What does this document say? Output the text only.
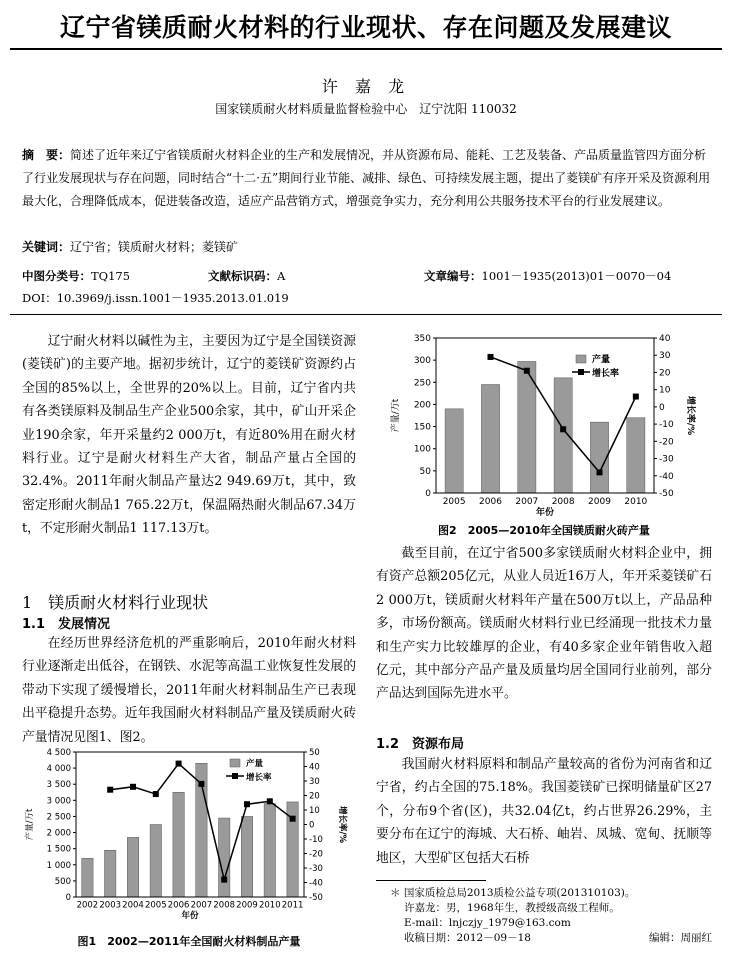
辽宁省镁质耐火材料的行业现状、存在问题及发展建议
许 嘉 龙
国家镁质耐火材料质量监督检验中心　辽宁沈阳 110032
摘　要：简述了近年来辽宁省镁质耐火材料企业的生产和发展情况，并从资源布局、能耗、工艺及装备、产品质量监管四方面分析了行业发展现状与存在问题，同时结合“十二·五”期间行业节能、减排、绿色、可持续发展主题，提出了菱镁矿有序开采及资源利用最大化，合理降低成本，促进装备改造，适应产品营销方式，增强竞争实力，充分利用公共服务技术平台的行业发展建议。
关键词：辽宁省；镁质耐火材料；菱镁矿
中图分类号：TQ175	文献标识码：A	文章编号：1001－1935(2013)01－0070－04
DOI：10.3969/j.issn.1001－1935.2013.01.019

辽宁耐火材料以碱性为主，主要因为辽宁是全国镁资源(菱镁矿)的主要产地。据初步统计，辽宁的菱镁矿资源约占全国的85%以上，全世界的20%以上。目前，辽宁省内共有各类镁原料及制品生产企业500余家，其中，矿山开采企业190余家，年开采量约2 000万t，有近80%用在耐火材料行业。辽宁是耐火材料生产大省，制品产量占全国的32.4%。2011年耐火制品产量达2 949.69万t，其中，致密定形耐火制品1 765.22万t，保温隔热耐火制品67.34万t，不定形耐火制品1 117.13万t。

1　镁质耐火材料行业现状
1.1　发展情况

在经历世界经济危机的严重影响后，2010年耐火材料行业逐渐走出低谷，在钢铁、水泥等高温工业恢复性发展的带动下实现了缓慢增长，2011年耐火材料制品生产已表现出平稳提升态势。近年我国耐火材料制品产量及镁质耐火砖产量情况见图1、图2。

0
500
1 000
1 500
2 000
2 500
3 000
3 500
4 000
4 500
-50
-40
-30
-20
-10
0
10
20
30
40
50
2002 2003 2004 2005 2006 2007 2008 2009 2010 2011
年份
产量/万t	增长率/%
产量
增长率
图1　2002—2011年全国耐火材料制品产量
0
50
100
150
200
250
300
350
-50
-40
-30
-20
-10
0
10
20
30
40
2005 2006 2007 2008 2009 2010
年份
产量/万t	增长率/%
产量
增长率
图2　2005—2010年全国镁质耐火砖产量

截至目前，在辽宁省500多家镁质耐火材料企业中，拥有资产总额205亿元，从业人员近16万人，年开采菱镁矿石2 000万t，镁质耐火材料年产量在500万t以上，产品品种多，市场份额高。镁质耐火材料行业已经涌现一批技术力量和生产实力比较雄厚的企业，有40多家企业年销售收入超亿元，其中部分产品产量及质量均居全国同行业前列，部分产品达到国际先进水平。

1.2　资源布局

我国耐火材料原料和制品产量较高的省份为河南省和辽宁省，约占全国的75.18%。我国菱镁矿已探明储量矿区27个，分布9个省(区)，共32.04亿t，约占世界26.29%，主要分布在辽宁的海城、大石桥、岫岩、凤城、宽甸、抚顺等地区，大型矿区包括大石桥

＊ 国家质检总局2013质检公益专项(201310103)。
许嘉龙：男，1968年生，教授级高级工程师。
E-mail：lnjczjy_1979@163.com
收稿日期：2012－09－18	编辑：周丽红
